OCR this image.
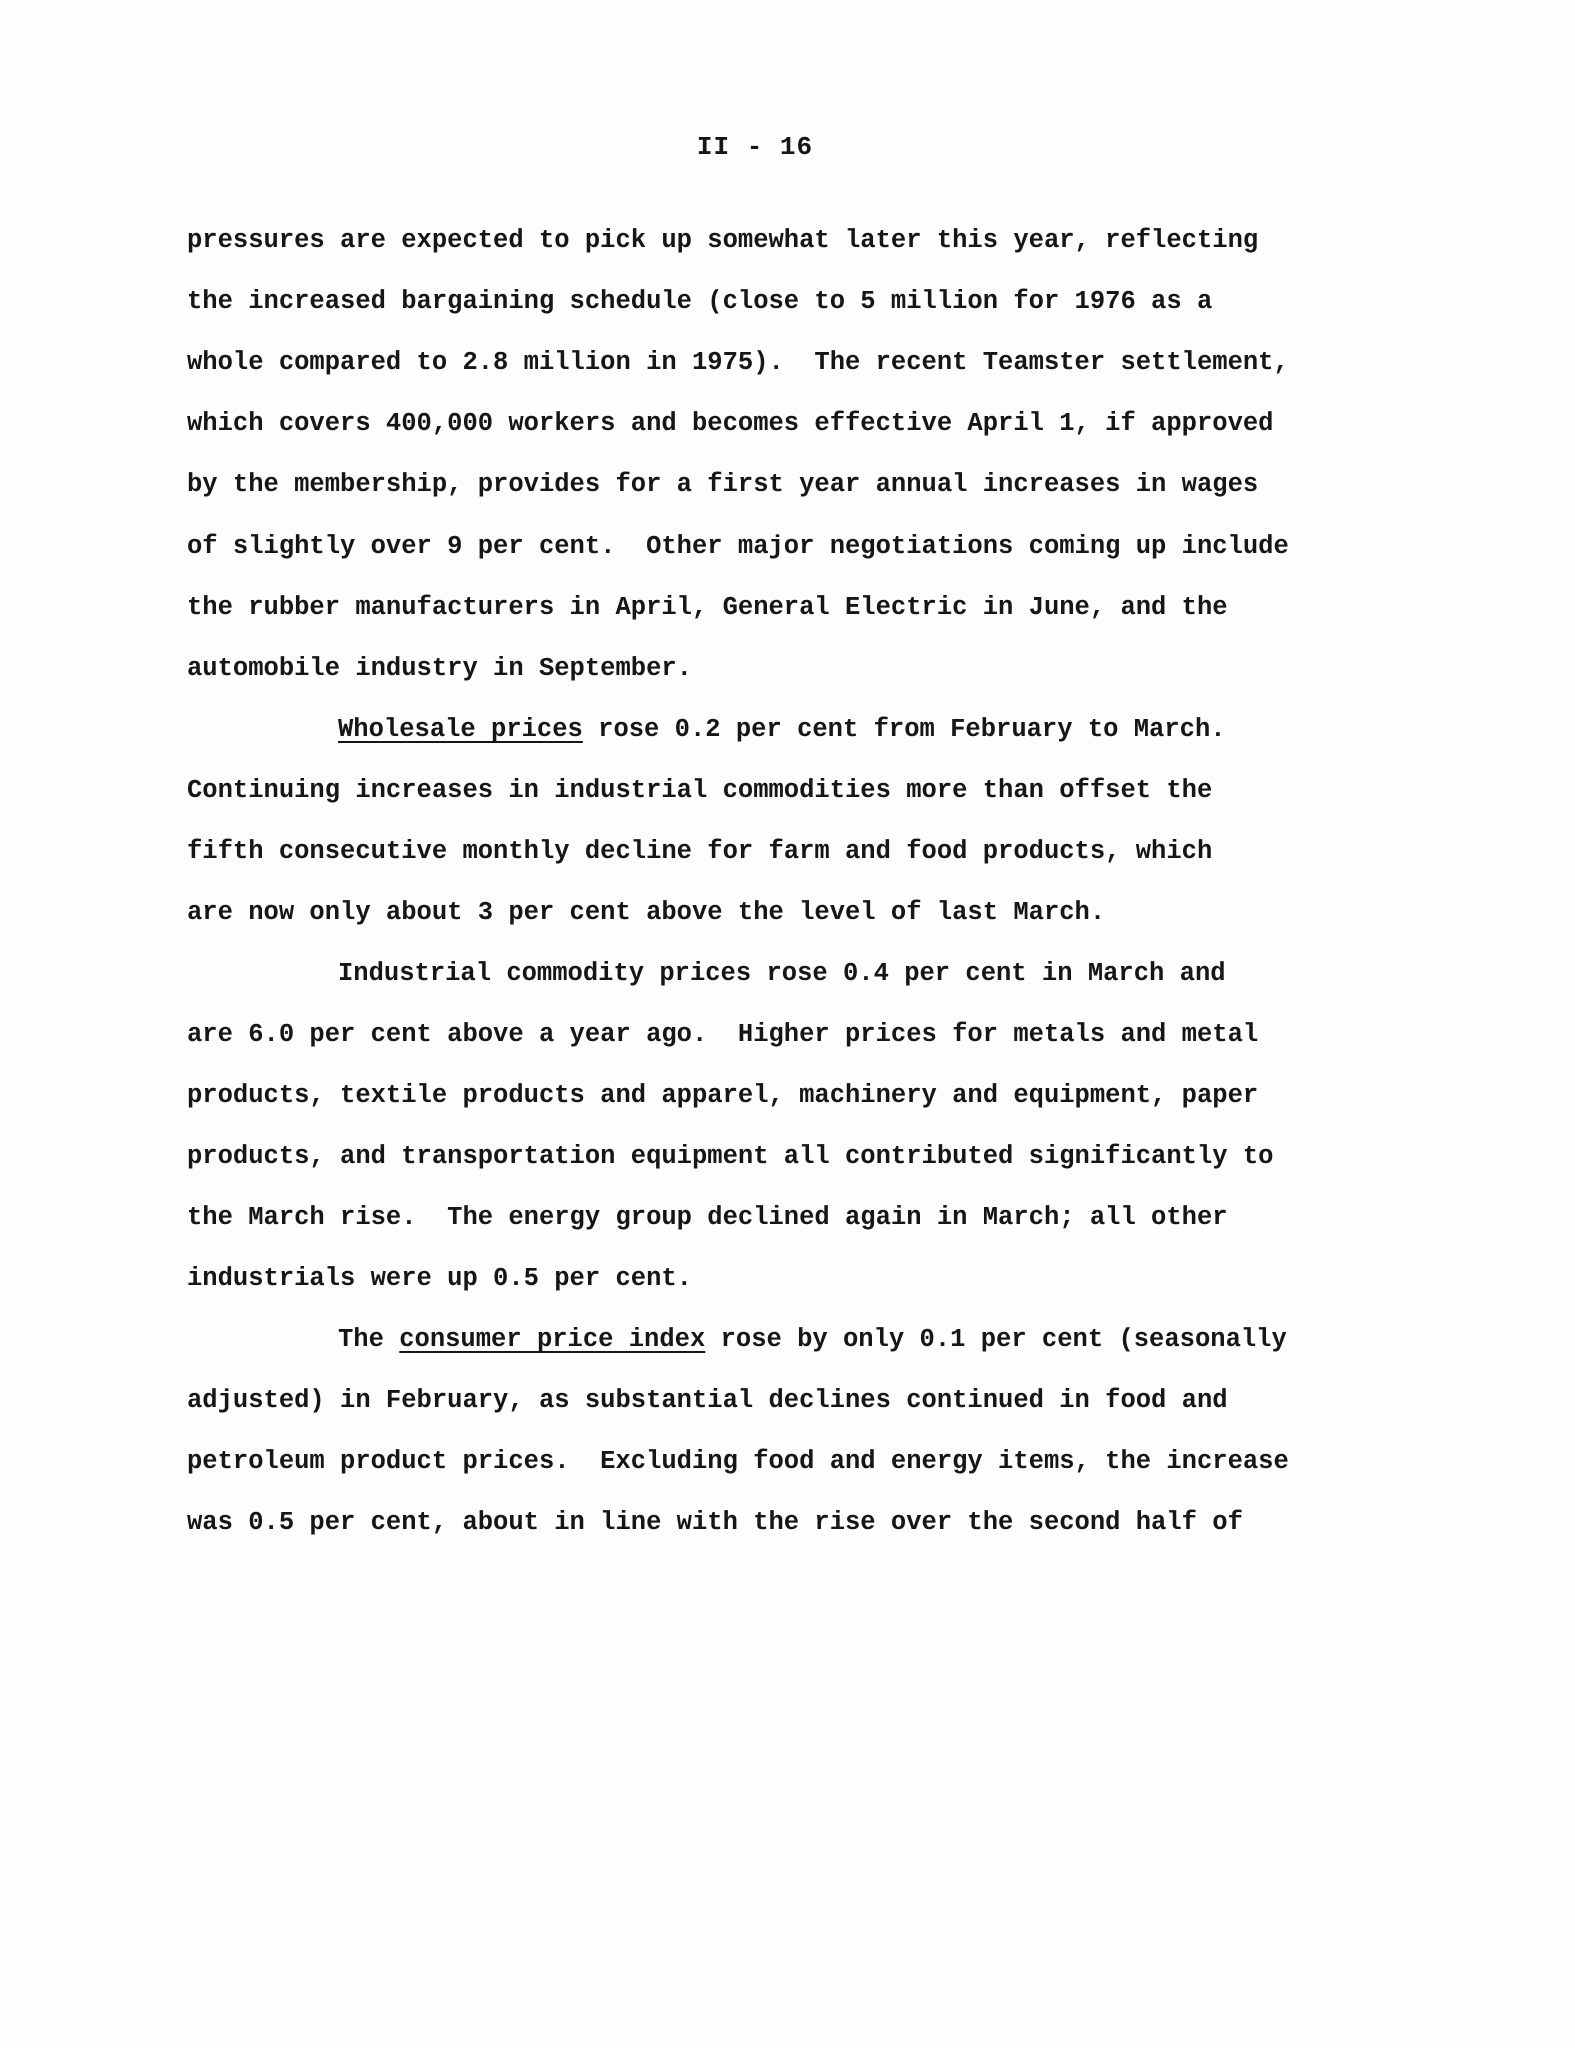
II - 16
pressures are expected to pick up somewhat later this year, reflecting
the increased bargaining schedule (close to 5 million for 1976 as a
whole compared to 2.8 million in 1975).  The recent Teamster settlement,
which covers 400,000 workers and becomes effective April 1, if approved
by the membership, provides for a first year annual increases in wages
of slightly over 9 per cent.  Other major negotiations coming up include
the rubber manufacturers in April, General Electric in June, and the
automobile industry in September.
Wholesale prices rose 0.2 per cent from February to March.
Continuing increases in industrial commodities more than offset the
fifth consecutive monthly decline for farm and food products, which
are now only about 3 per cent above the level of last March.
Industrial commodity prices rose 0.4 per cent in March and
are 6.0 per cent above a year ago.  Higher prices for metals and metal
products, textile products and apparel, machinery and equipment, paper
products, and transportation equipment all contributed significantly to
the March rise.  The energy group declined again in March; all other
industrials were up 0.5 per cent.
The consumer price index rose by only 0.1 per cent (seasonally
adjusted) in February, as substantial declines continued in food and
petroleum product prices.  Excluding food and energy items, the increase
was 0.5 per cent, about in line with the rise over the second half of
